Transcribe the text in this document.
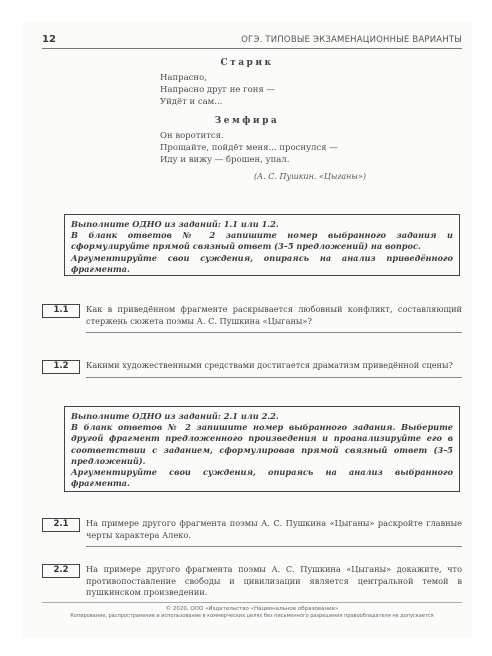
12	ОГЭ. ТИПОВЫЕ ЭКЗАМЕНАЦИОННЫЕ ВАРИАНТЫ
Старик
Напрасно,
Напрасно друг не гоня —
Уйдёт и сам...
Земфира
Он воротится.
Прощайте, пойдёт меня... проснулся —
Иду и вижу — брошен, упал.
(А. С. Пушкин. «Цыганы»)

Выполните ОДНО из заданий: 1.1 или 1.2.

В бланк ответов № 2 запишите номер выбранного задания и сформулируйте прямой связный ответ (3–5 предложений) на вопрос.

Аргументируйте свои суждения, опираясь на анализ приведённого фрагмента.

1.1	Как в приведённом фрагменте раскрывается любовный конфликт, составляющий стержень сюжета поэмы А. С. Пушкина «Цыганы»?
1.2	Какими художественными средствами достигается драматизм приведённой сцены?

Выполните ОДНО из заданий: 2.1 или 2.2.

В бланк ответов № 2 запишите номер выбранного задания. Выберите другой фрагмент предложенного произведения и проанализируйте его в соответствии с заданием, сформулировав прямой связный ответ (3–5 предложений).

Аргументируйте свои суждения, опираясь на анализ выбранного фрагмента.

2.1	На примере другого фрагмента поэмы А. С. Пушкина «Цыганы» раскройте главные черты характера Алеко.
2.2	На примере другого фрагмента поэмы А. С. Пушкина «Цыганы» докажите, что противопоставление свободы и цивилизации является центральной темой в пушкинском произведении.
© 2020. ООО «Издательство «Национальное образование»
Копирование, распространение и использование в коммерческих целях без письменного разрешения правообладателя не допускается
